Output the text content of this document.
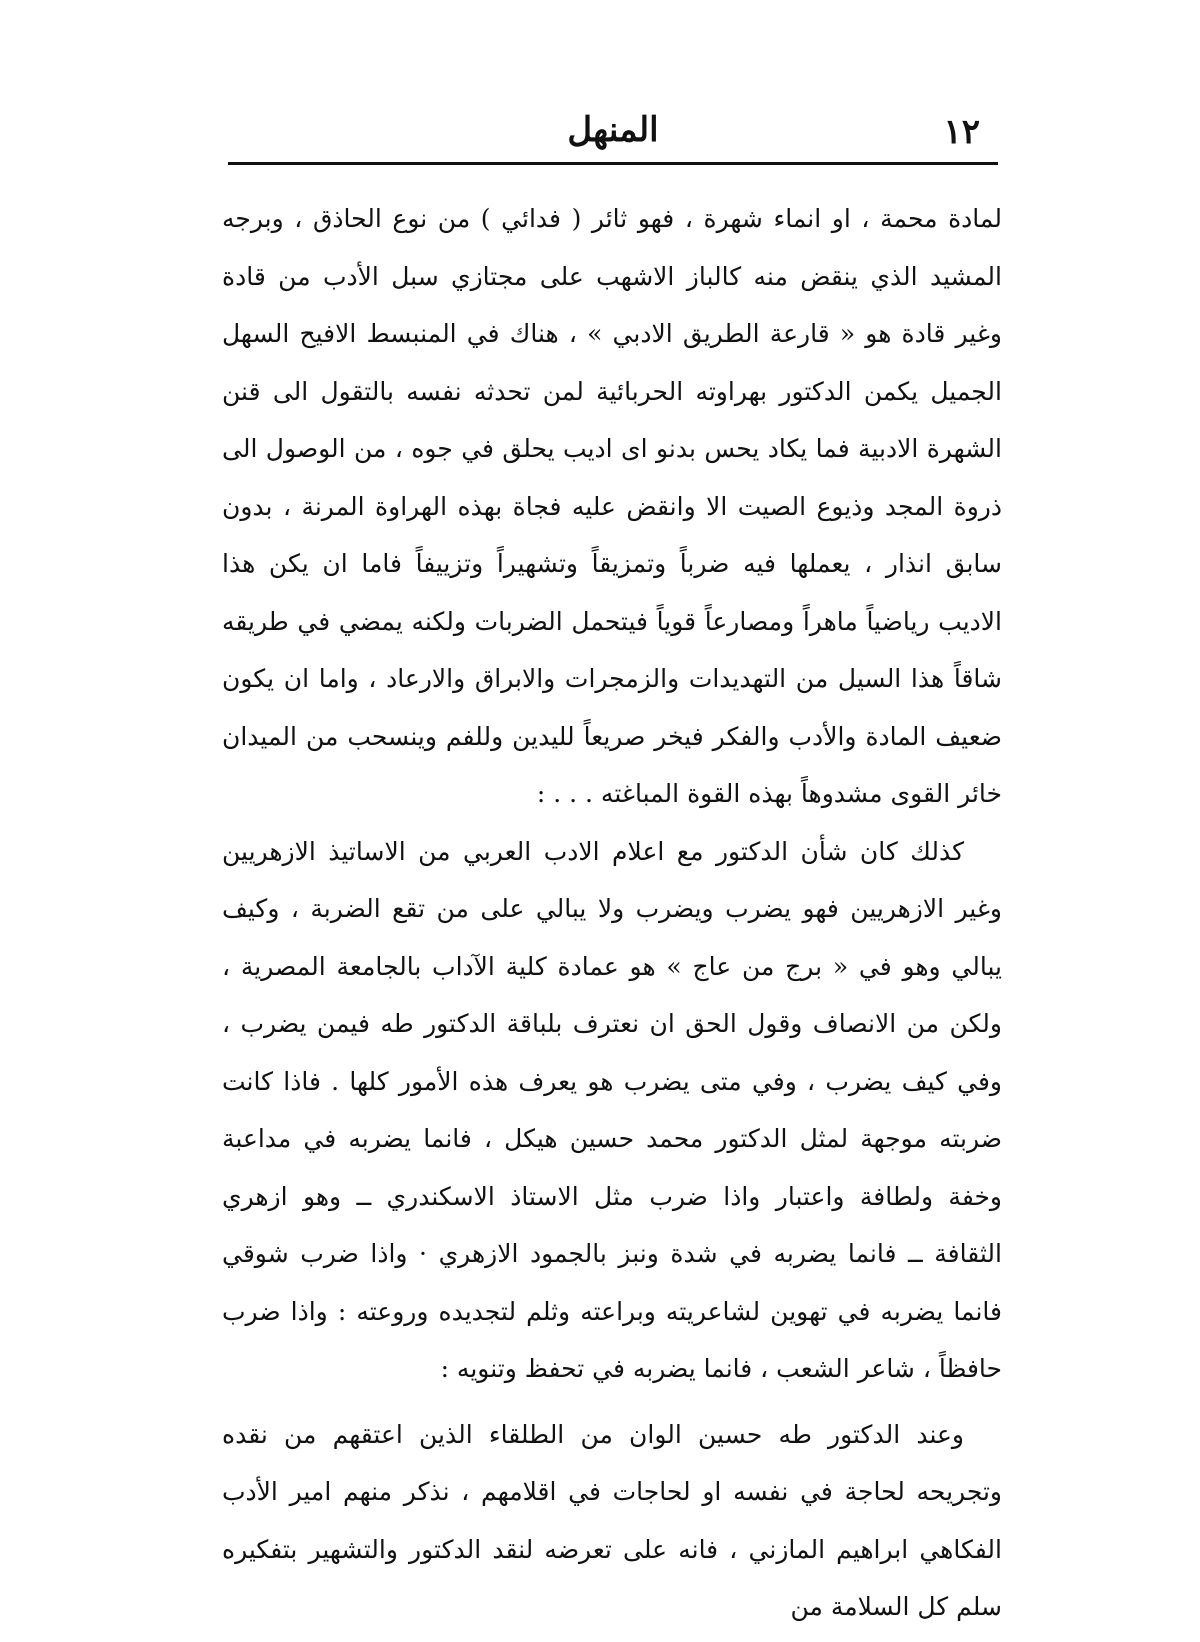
١٢
المنهل

لمادة محمة ، او انماء شهرة ، فهو ثائر ( فدائي ) من نوع الحاذق ، وبرجه المشيد الذي ينقض منه كالباز الاشهب على مجتازي سبل الأدب من قادة وغير قادة هو « قارعة الطريق الادبي » ، هناك في المنبسط الافيح السهل الجميل يكمن الدكتور بهراوته الحربائية لمن تحدثه نفسه بالتقول الى قنن الشهرة الادبية فما يكاد يحس بدنو اى اديب يحلق في جوه ، من الوصول الى ذروة المجد وذيوع الصيت الا وانقض عليه فجاة بهذه الهراوة المرنة ، بدون سابق انذار ، يعملها فيه ضرباً وتمزيقاً وتشهيراً وتزييفاً فاما ان يكن هذا الاديب رياضياً ماهراً ومصارعاً قوياً فيتحمل الضربات ولكنه يمضي في طريقه شاقاً هذا السيل من التهديدات والزمجرات والابراق والارعاد ، واما ان يكون ضعيف المادة والأدب والفكر فيخر صريعاً لليدين وللفم وينسحب من الميدان خائر القوى مشدوهاً بهذه القوة المباغته . . . :

كذلك كان شأن الدكتور مع اعلام الادب العربي من الاساتيذ الازهريين وغير الازهريين فهو يضرب ويضرب ولا يبالي على من تقع الضربة ، وكيف يبالي وهو في « برج من عاج » هو عمادة كلية الآداب بالجامعة المصرية ، ولكن من الانصاف وقول الحق ان نعترف بلباقة الدكتور طه فيمن يضرب ، وفي كيف يضرب ، وفي متى يضرب هو يعرف هذه الأمور كلها . فاذا كانت ضربته موجهة لمثل الدكتور محمد حسين هيكل ، فانما يضربه في مداعبة وخفة ولطافة واعتبار واذا ضرب مثل الاستاذ الاسكندري ــ وهو ازهري الثقافة ــ فانما يضربه في شدة ونبز بالجمود الازهري · واذا ضرب شوقي فانما يضربه في تهوين لشاعريته وبراعته وثلم لتجديده وروعته : واذا ضرب حافظاً ، شاعر الشعب ، فانما يضربه في تحفظ وتنويه :

وعند الدكتور طه حسين الوان من الطلقاء الذين اعتقهم من نقده وتجريحه لحاجة في نفسه او لحاجات في اقلامهم ، نذكر منهم امير الأدب الفكاهي ابراهيم المازني ، فانه على تعرضه لنقد الدكتور والتشهير بتفكيره سلم كل السلامة من
